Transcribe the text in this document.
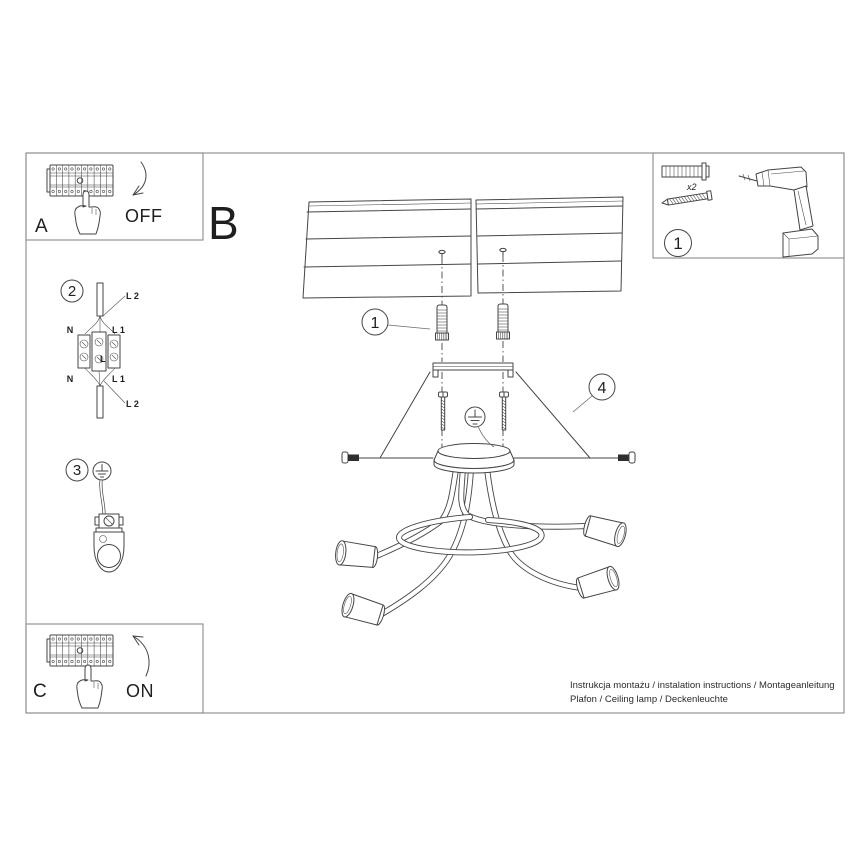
OFF
A	B
x2
1
2	L 2
N	L 1
L
N	L 1
L 2
3
1
4
ON
C	Instrukcja montażu / instalation instructions / Montageanleitung
Plafon / Ceiling lamp / Deckenleuchte
